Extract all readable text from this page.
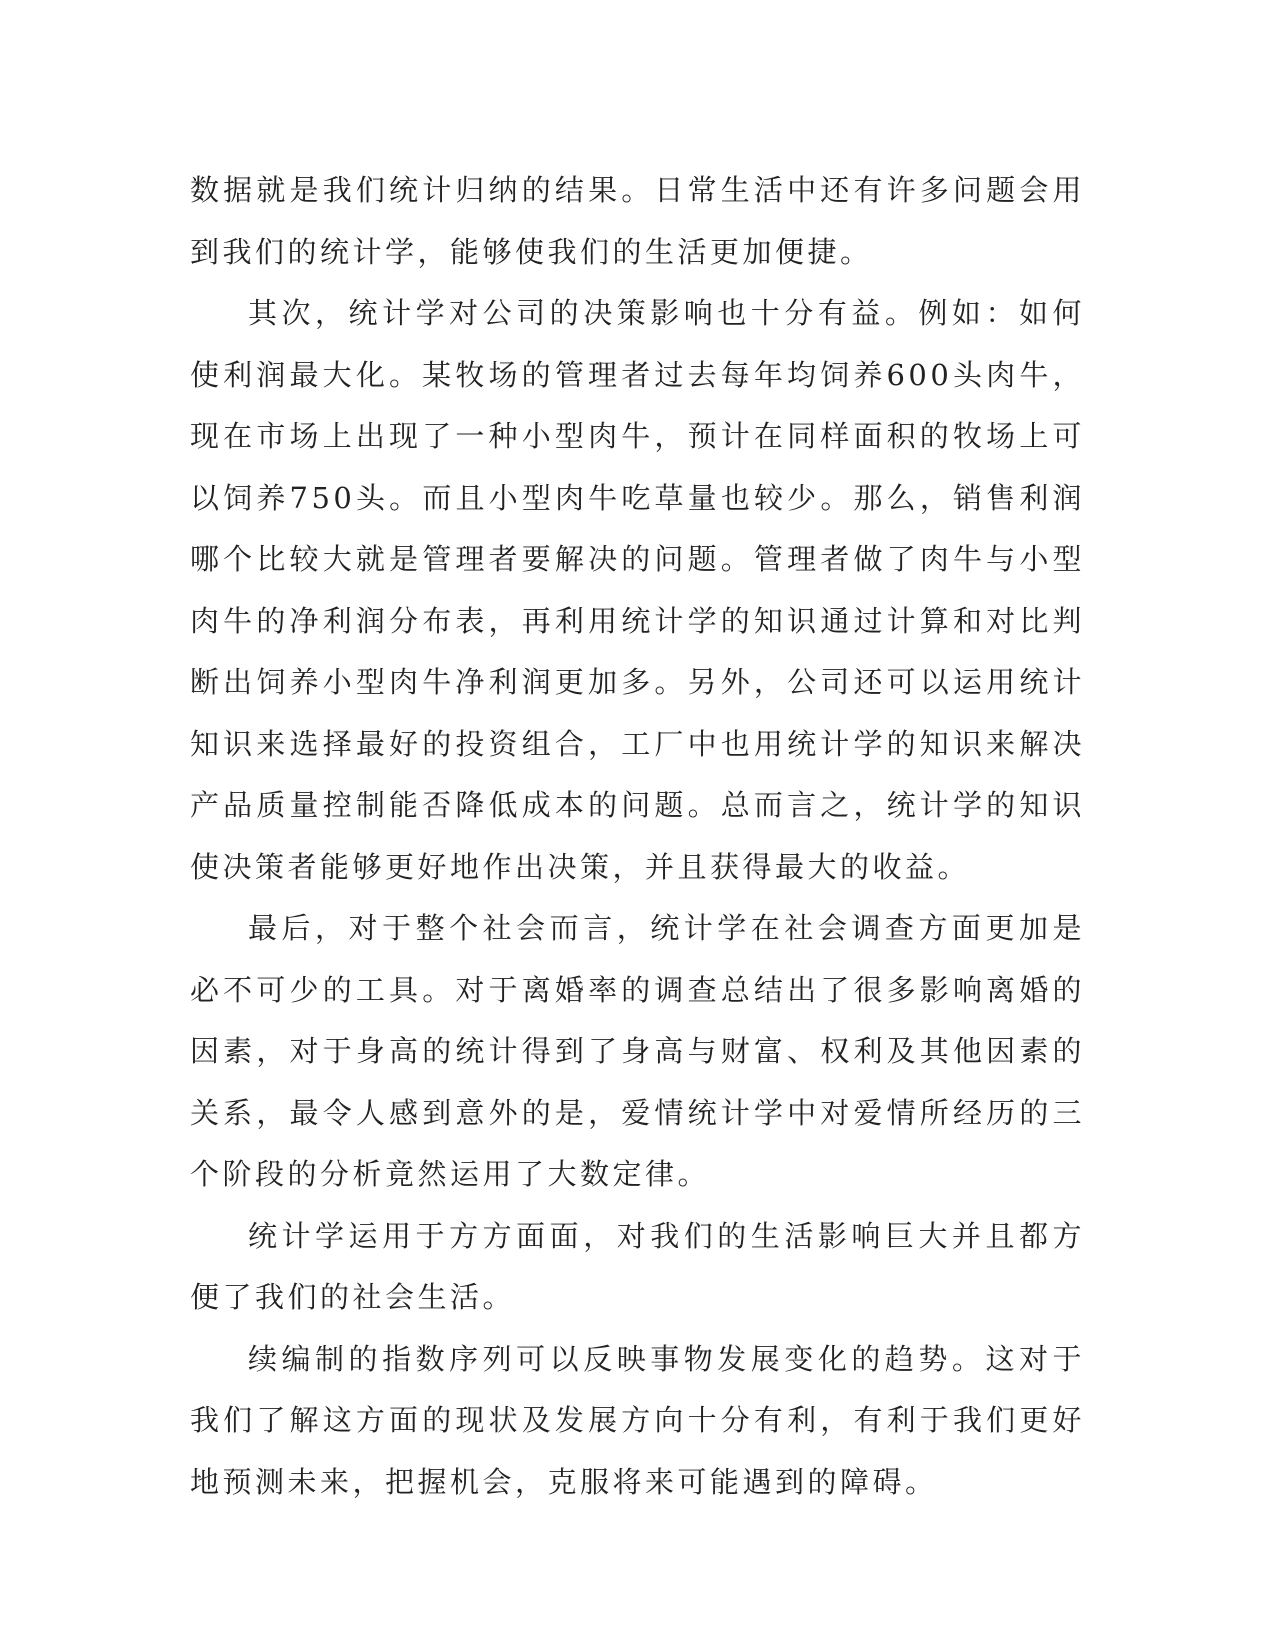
数据就是我们统计归纳的结果。日常生活中还有许多问题会用到我们的统计学，能够使我们的生活更加便捷。

其次，统计学对公司的决策影响也十分有益。例如：如何使利润最大化。某牧场的管理者过去每年均饲养600头肉牛，现在市场上出现了一种小型肉牛，预计在同样面积的牧场上可以饲养750头。而且小型肉牛吃草量也较少。那么，销售利润哪个比较大就是管理者要解决的问题。管理者做了肉牛与小型肉牛的净利润分布表，再利用统计学的知识通过计算和对比判断出饲养小型肉牛净利润更加多。另外，公司还可以运用统计知识来选择最好的投资组合，工厂中也用统计学的知识来解决产品质量控制能否降低成本的问题。总而言之，统计学的知识使决策者能够更好地作出决策，并且获得最大的收益。

最后，对于整个社会而言，统计学在社会调查方面更加是必不可少的工具。对于离婚率的调查总结出了很多影响离婚的因素，对于身高的统计得到了身高与财富、权利及其他因素的关系，最令人感到意外的是，爱情统计学中对爱情所经历的三个阶段的分析竟然运用了大数定律。

统计学运用于方方面面，对我们的生活影响巨大并且都方便了我们的社会生活。

续编制的指数序列可以反映事物发展变化的趋势。这对于我们了解这方面的现状及发展方向十分有利，有利于我们更好地预测未来，把握机会，克服将来可能遇到的障碍。
